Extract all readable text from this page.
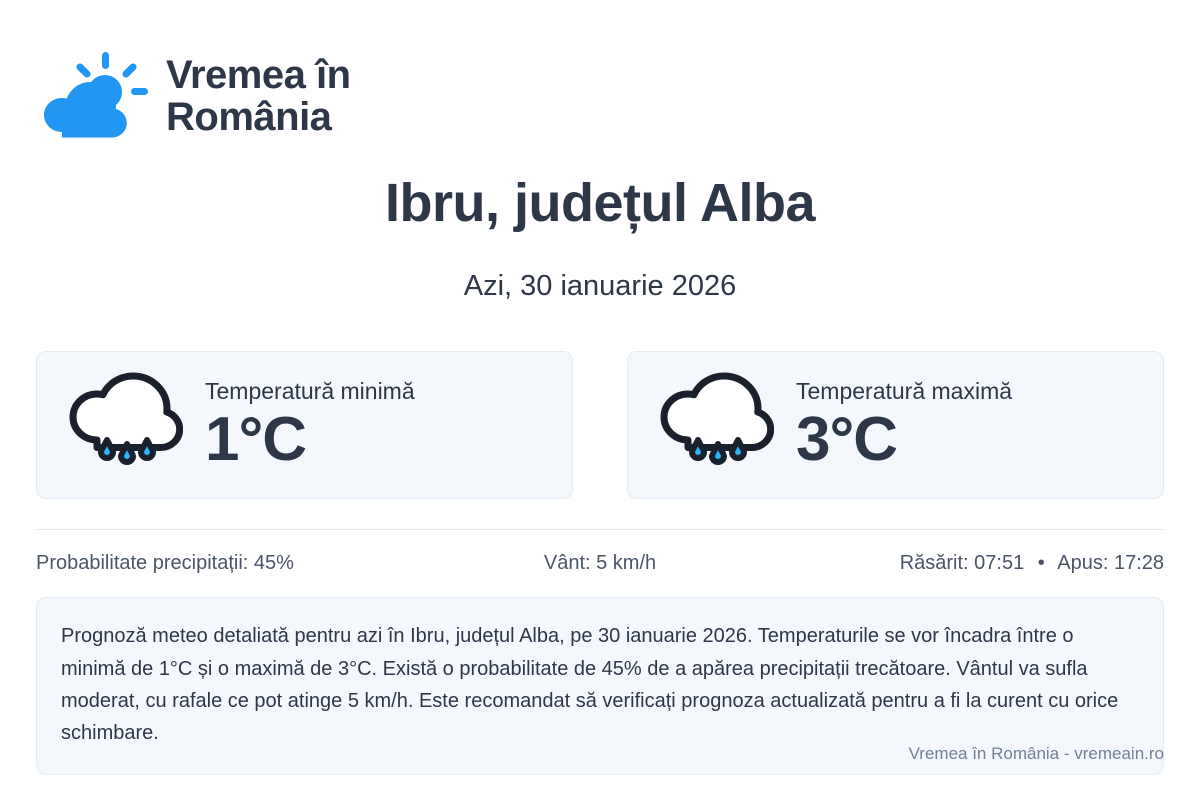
Vremea în
România
Ibru, județul Alba
Azi, 30 ianuarie 2026
Temperatură minimă
1°C
Temperatură maximă
3°C
Probabilitate precipitații: 45%	Vânt: 5 km/h	Răsărit: 07:51 • Apus: 17:28
Prognoză meteo detaliată pentru azi în Ibru, județul Alba, pe 30 ianuarie 2026. Temperaturile se vor încadra între o minimă de 1°C și o maximă de 3°C. Există o probabilitate de 45% de a apărea precipitații trecătoare. Vântul va sufla moderat, cu rafale ce pot atinge 5 km/h. Este recomandat să verificați prognoza actualizată pentru a fi la curent cu orice schimbare.
Vremea în România - vremeain.ro
